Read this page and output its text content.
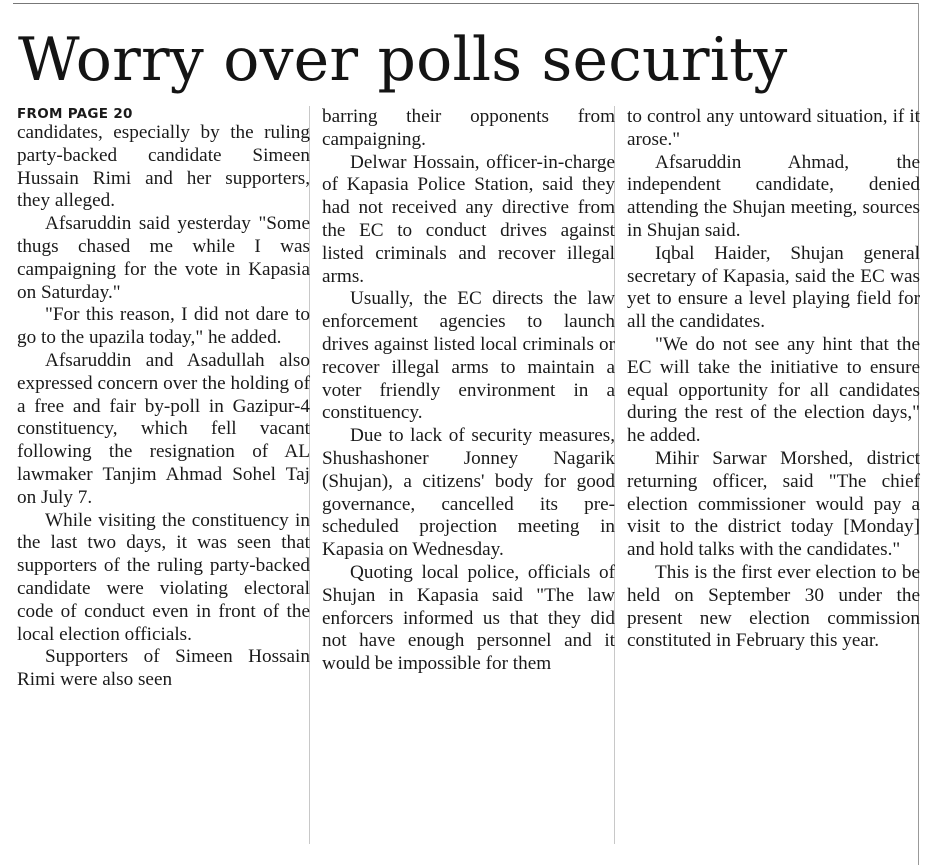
Worry over polls security
FROM PAGE 20

candidates, especially by the ruling party-backed candidate Simeen Hussain Rimi and her supporters, they alleged.

Afsaruddin said yesterday "Some thugs chased me while I was campaigning for the vote in Kapasia on Saturday."

"For this reason, I did not dare to go to the upazila today," he added.

Afsaruddin and Asadullah also expressed concern over the holding of a free and fair by-poll in Gazipur-4 constituency, which fell vacant following the resignation of AL lawmaker Tanjim Ahmad Sohel Taj on July 7.

While visiting the constituency in the last two days, it was seen that supporters of the ruling party-backed candidate were violating electoral code of conduct even in front of the local election officials.

Supporters of Simeen Hossain Rimi were also seen

barring their opponents from campaigning.

Delwar Hossain, officer-in-charge of Kapasia Police Station, said they had not received any directive from the EC to conduct drives against listed criminals and recover illegal arms.

Usually, the EC directs the law enforcement agencies to launch drives against listed local criminals or recover illegal arms to maintain a voter friendly environment in a constituency.

Due to lack of security measures, Shushashoner Jonney Nagarik (Shujan), a citizens' body for good governance, cancelled its pre-scheduled projection meeting in Kapasia on Wednesday.

Quoting local police, officials of Shujan in Kapasia said "The law enforcers informed us that they did not have enough personnel and it would be impossible for them

to control any untoward situation, if it arose."

Afsaruddin Ahmad, the independent candidate, denied attending the Shujan meeting, sources in Shujan said.

Iqbal Haider, Shujan general secretary of Kapasia, said the EC was yet to ensure a level playing field for all the candidates.

"We do not see any hint that the EC will take the initiative to ensure equal opportunity for all candidates during the rest of the election days," he added.

Mihir Sarwar Morshed, district returning officer, said "The chief election commissioner would pay a visit to the district today [Monday] and hold talks with the candidates."

This is the first ever election to be held on September 30 under the present new election commission constituted in February this year.
